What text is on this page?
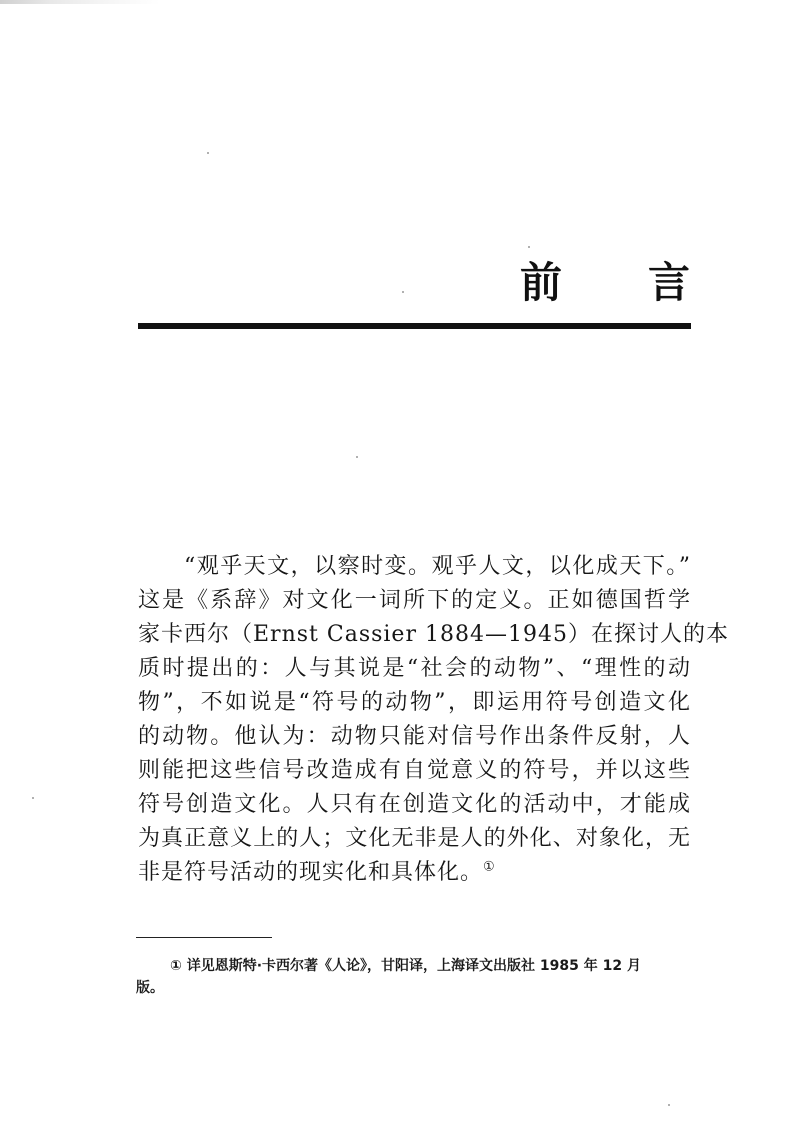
前 言
“观乎天文，以察时变。观乎人文，以化成天下。”
这是《系辞》对文化一词所下的定义。正如德国哲学
家卡西尔（Ernst Cassier 1884—1945）在探讨人的本
质时提出的：人与其说是“社会的动物”、“理性的动
物”，不如说是“符号的动物”，即运用符号创造文化
的动物。他认为：动物只能对信号作出条件反射，人
则能把这些信号改造成有自觉意义的符号，并以这些
符号创造文化。人只有在创造文化的活动中，才能成
为真正意义上的人；文化无非是人的外化、对象化，无
非是符号活动的现实化和具体化。①
① 详见恩斯特·卡西尔著《人论》，甘阳译，上海译文出版社 1985 年 12 月
版。
